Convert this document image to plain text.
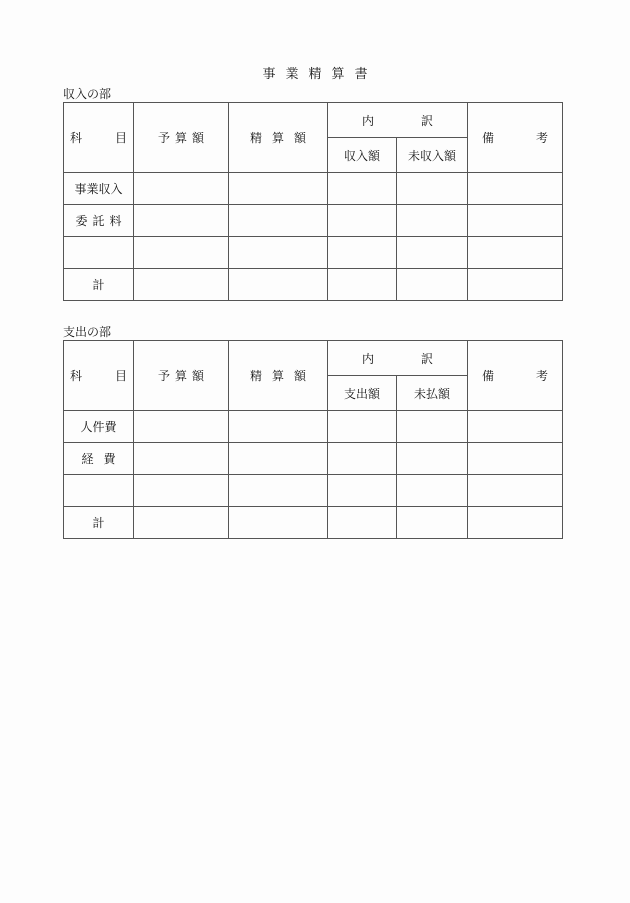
事業精算書
収入の部
科 目	予算額	精算額	内 訳		備 考

			収入額	未収入額	
事業収入					
委託料					

計					
支出の部
科 目	予算額	精算額	内 訳		備 考

			支出額	未払額	
人件費					
経費					

計					
